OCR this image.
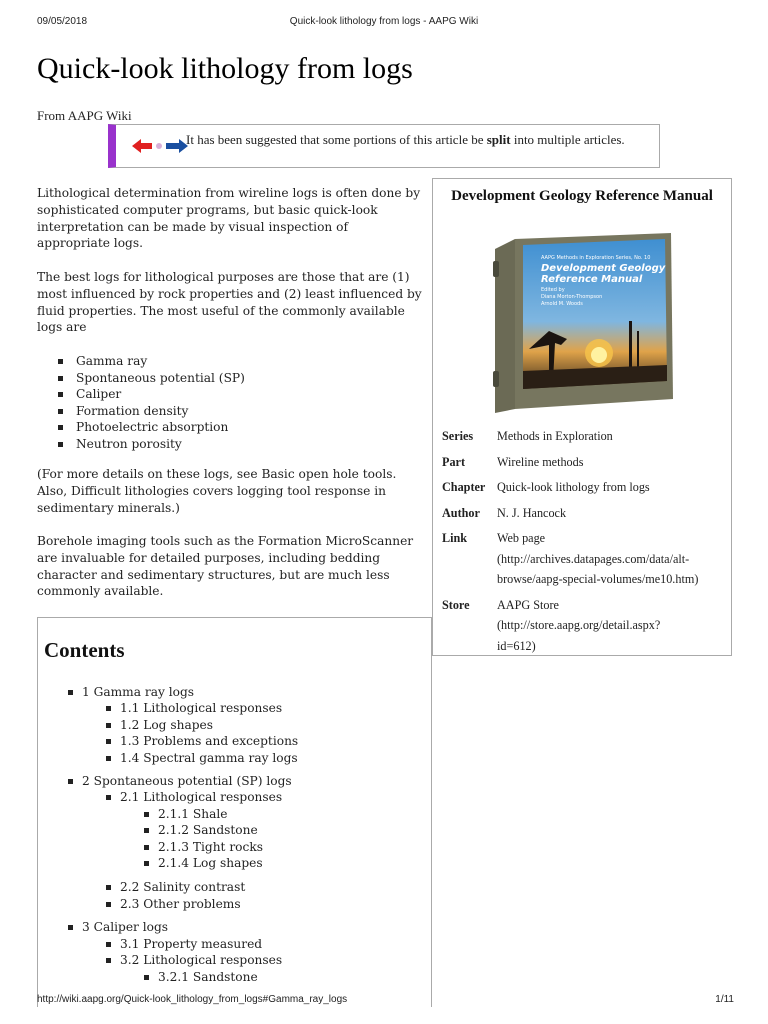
09/05/2018	Quick-look lithology from logs - AAPG Wiki
Quick-look lithology from logs
From AAPG Wiki
It has been suggested that some portions of this article be split into multiple articles.

Lithological determination from wireline logs is often done by sophisticated computer programs, but basic quick-look interpretation can be made by visual inspection of appropriate logs.

The best logs for lithological purposes are those that are (1) most influenced by rock properties and (2) least influenced by fluid properties. The most useful of the commonly available logs are

Gamma ray
Spontaneous potential (SP)
Caliper
Formation density
Photoelectric absorption
Neutron porosity

(For more details on these logs, see Basic open hole tools. Also, Difficult lithologies covers logging tool response in sedimentary minerals.)

Borehole imaging tools such as the Formation MicroScanner are invaluable for detailed purposes, including bedding character and sedimentary structures, but are much less commonly available.

Development Geology Reference Manual
AAPG Methods in Exploration Series, No. 10
Development Geology
Reference Manual
Edited by
Diana Morton-Thompson
Arnold M. Woods
Series	Methods in Exploration
Part	Wireline methods
Chapter Quick-look lithology from logs
Author	N. J. Hancock
Link	Web page
(http://archives.datapages.com/data/alt-
browse/aapg-special-volumes/me10.htm)
Store	AAPG Store
(http://store.aapg.org/detail.aspx?
id=612)
Contents
1 Gamma ray logs
1.1 Lithological responses
1.2 Log shapes
1.3 Problems and exceptions
1.4 Spectral gamma ray logs
2 Spontaneous potential (SP) logs
2.1 Lithological responses
2.1.1 Shale
2.1.2 Sandstone
2.1.3 Tight rocks
2.1.4 Log shapes
2.2 Salinity contrast
2.3 Other problems
3 Caliper logs
3.1 Property measured
3.2 Lithological responses
3.2.1 Sandstone
http://wiki.aapg.org/Quick-look_lithology_from_logs#Gamma_ray_logs	1/11
